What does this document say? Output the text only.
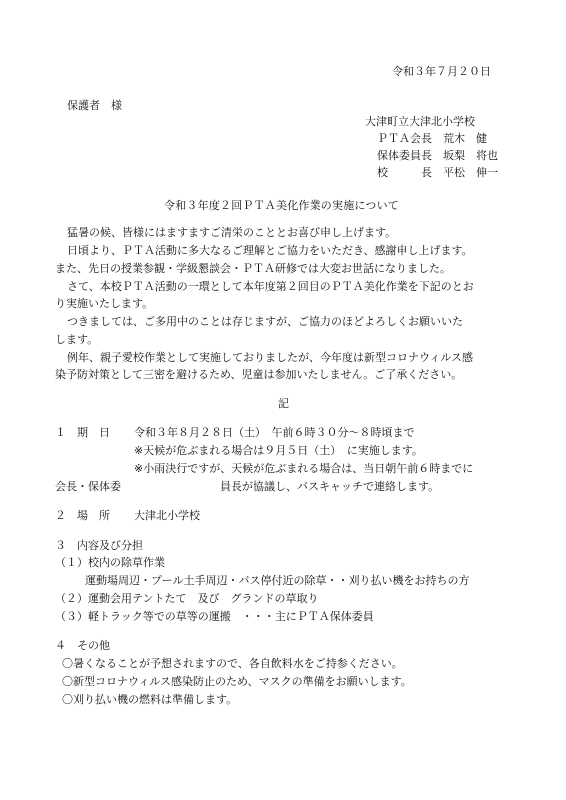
令和３年７月２０日
保護者　様
大津町立大津北小学校
ＰＴＡ会長　荒木　健
保体委員長　坂梨　将也
校　　　長　平松　伸一
令和３年度２回ＰＴＡ美化作業の実施について
猛暑の候、皆様にはますますご清栄のこととお喜び申し上げます。
日頃より、ＰＴＡ活動に多大なるご理解とご協力をいただき、感謝申し上げます。
また、先日の授業参観・学級懇談会・ＰＴＡ研修では大変お世話になりました。
さて、本校ＰＴＡ活動の一環として本年度第２回目のＰＴＡ美化作業を下記のとお
り実施いたします。
つきましては、ご多用中のことは存じますが、ご協力のほどよろしくお願いいた
します。
例年、親子愛校作業として実施しておりましたが、今年度は新型コロナウィルス感
染予防対策として三密を避けるため、児童は参加いたしません。ご了承ください。
記
１　期　日 令和３年８月２８日（土）　午前６時３０分～８時頃まで
※天候が危ぶまれる場合は９月５日（土）　に実施します。
※小雨決行ですが、天候が危ぶまれる場合は、当日朝午前６時までに
会長・保体委	員長が協議し、バスキャッチで連絡します。
２　場　所 大津北小学校
３　内容及び分担
（１）校内の除草作業
運動場周辺・プール土手周辺・バス停付近の除草・・刈り払い機をお持ちの方
（２）運動会用テントたて　及び　グランドの草取り
（３）軽トラック等での草等の運搬　・・・主にＰＴＡ保体委員
４　その他
〇暑くなることが予想されますので、各自飲料水をご持参ください。
〇新型コロナウィルス感染防止のため、マスクの準備をお願いします。
〇刈り払い機の燃料は準備します。
